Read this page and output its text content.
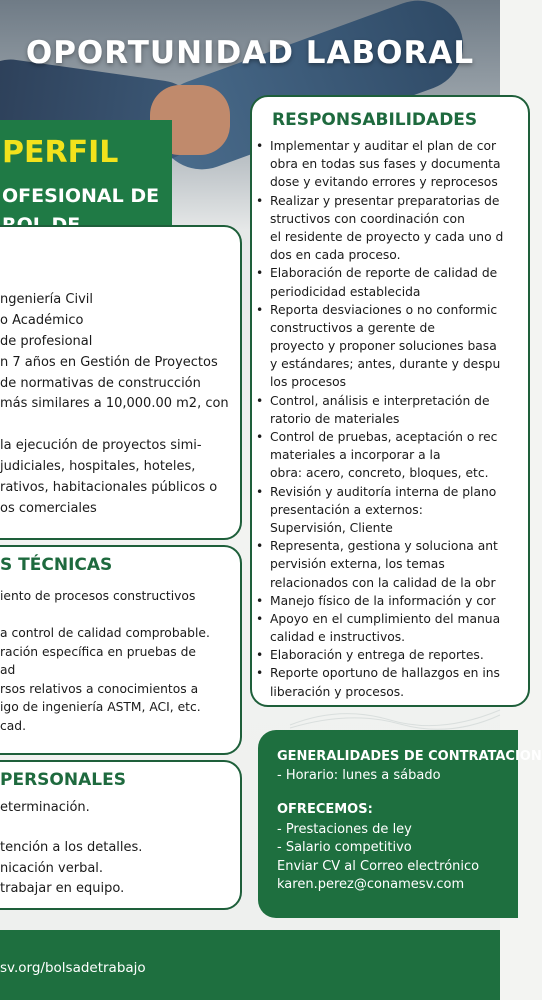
OPORTUNIDAD LABORAL
PERFIL
OFESIONAL DE
ngeniería Civil
o Académico
de profesional
n 7 años en Gestión de Proyectos
de normativas de construcción
más similares a 10,000.00 m2, con
la ejecución de proyectos simi-
judiciales, hospitales, hoteles,
rativos, habitacionales públicos o
os comerciales
S TÉCNICAS
iento de procesos constructivos
a control de calidad comprobable.
ración específica en pruebas de
ad
rsos relativos a conocimientos a
igo de ingeniería ASTM, ACI, etc.
cad.
PERSONALES
eterminación.
tención a los detalles.
nicación verbal.
trabajar en equipo.
RESPONSABILIDADES
• Implementar y auditar el plan de cor
obra en todas sus fases y documenta
dose y evitando errores y reprocesos
• Realizar y presentar preparatorias de
structivos con coordinación con
el residente de proyecto y cada uno d
dos en cada proceso.
• Elaboración de reporte de calidad de
periodicidad establecida
• Reporta desviaciones o no conformic
constructivos a gerente de
proyecto y proponer soluciones basa
y estándares; antes, durante y despu
los procesos
• Control, análisis e interpretación de
ratorio de materiales
• Control de pruebas, aceptación o rec
materiales a incorporar a la
obra: acero, concreto, bloques, etc.
• Revisión y auditoría interna de plano
presentación a externos:
Supervisión, Cliente
• Representa, gestiona y soluciona ant
pervisión externa, los temas
relacionados con la calidad de la obr
• Manejo físico de la información y cor
• Apoyo en el cumplimiento del manua
calidad e instructivos.
• Elaboración y entrega de reportes.
• Reporte oportuno de hallazgos en ins
liberación y procesos.
GENERALIDADES DE CONTRATACION
- Horario: lunes a sábado
OFRECEMOS:
- Prestaciones de ley
- Salario competitivo
Enviar CV al Correo electrónico
karen.perez@conamesv.com
sv.org/bolsadetrabajo
